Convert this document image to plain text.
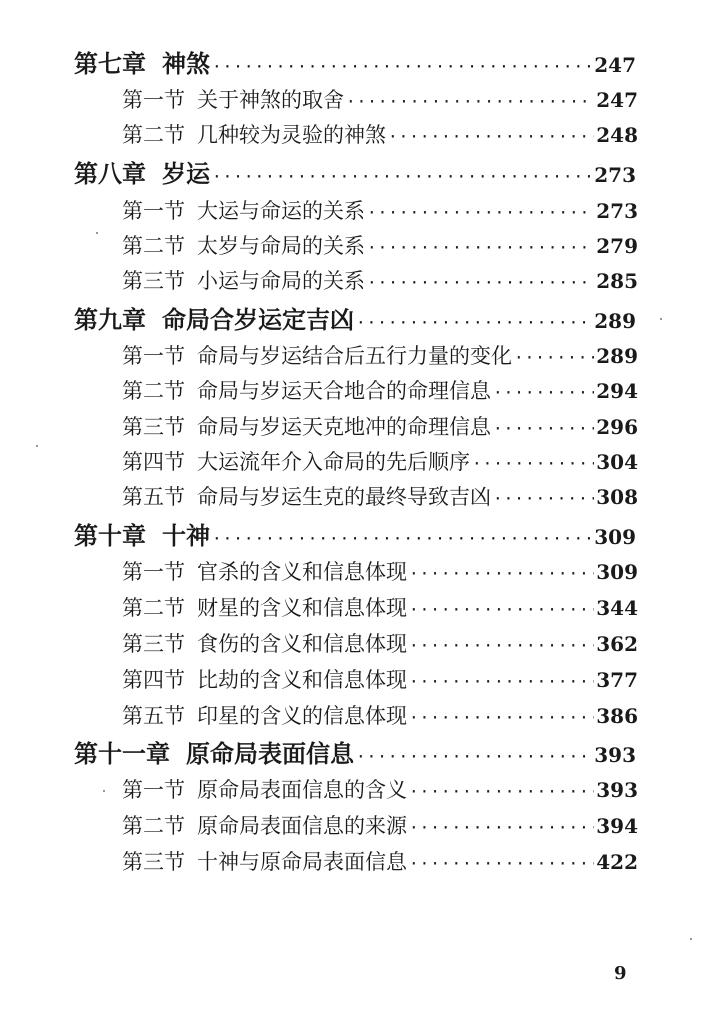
第七章 神煞 ·····	247
第一节 关于神煞的取舍 ·····	247
第二节 几种较为灵验的神煞 ·····	248
第八章 岁运 ·····	273
第一节 大运与命运的关系 ·····	273
第二节 太岁与命局的关系 ·····	279
第三节 小运与命局的关系 ·····	285
第九章 命局合岁运定吉凶 ·····	289
第一节 命局与岁运结合后五行力量的变化 ·····	289
第二节 命局与岁运天合地合的命理信息 ·····	294
第三节 命局与岁运天克地冲的命理信息 ·····	296
第四节 大运流年介入命局的先后顺序 ·····	304
第五节 命局与岁运生克的最终导致吉凶 ·····	308
第十章 十神 ·····	309
第一节 官杀的含义和信息体现 ·····	309
第二节 财星的含义和信息体现 ·····	344
第三节 食伤的含义和信息体现 ·····	362
第四节 比劫的含义和信息体现 ·····	377
第五节 印星的含义的信息体现 ·····	386
第十一章 原命局表面信息 ·····	393
第一节 原命局表面信息的含义 ·····	393
第二节 原命局表面信息的来源 ·····	394
第三节 十神与原命局表面信息 ·····	422
9
